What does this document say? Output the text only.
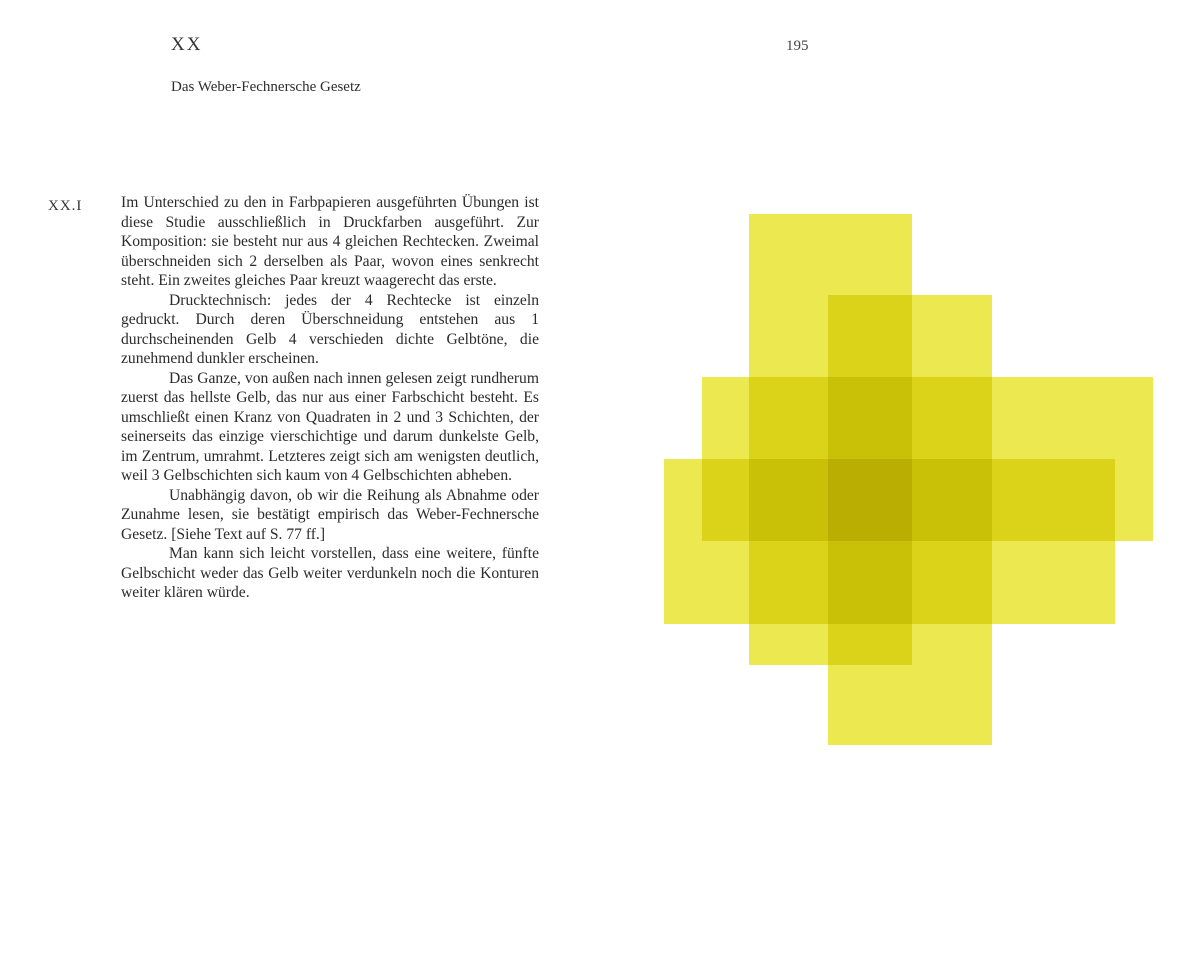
XX
Das Weber-Fechnersche Gesetz
195
XX.I Im Unterschied zu den in Farbpapieren ausgeführten Übungen ist diese Studie ausschließlich in Druckfarben ausgeführt. Zur Komposition: sie besteht nur aus 4 gleichen Rechtecken. Zweimal überschneiden sich 2 derselben als Paar, wovon eines senkrecht steht. Ein zweites gleiches Paar kreuzt waagerecht das erste.

Drucktechnisch: jedes der 4 Rechtecke ist einzeln gedruckt. Durch deren Überschneidung entstehen aus 1 durchscheinenden Gelb 4 verschieden dichte Gelbtöne, die zunehmend dunkler erscheinen.

Das Ganze, von außen nach innen gelesen zeigt rundherum zuerst das hellste Gelb, das nur aus einer Farbschicht besteht. Es umschließt einen Kranz von Quadraten in 2 und 3 Schichten, der seinerseits das einzige vierschichtige und darum dunkelste Gelb, im Zentrum, umrahmt. Letzteres zeigt sich am wenigsten deutlich, weil 3 Gelbschichten sich kaum von 4 Gelbschichten abheben.

Unabhängig davon, ob wir die Reihung als Abnahme oder Zunahme lesen, sie bestätigt empirisch das Weber-Fechnersche Gesetz. [Siehe Text auf S. 77 ff.]

Man kann sich leicht vorstellen, dass eine weitere, fünfte Gelbschicht weder das Gelb weiter verdunkeln noch die Konturen weiter klären würde.
